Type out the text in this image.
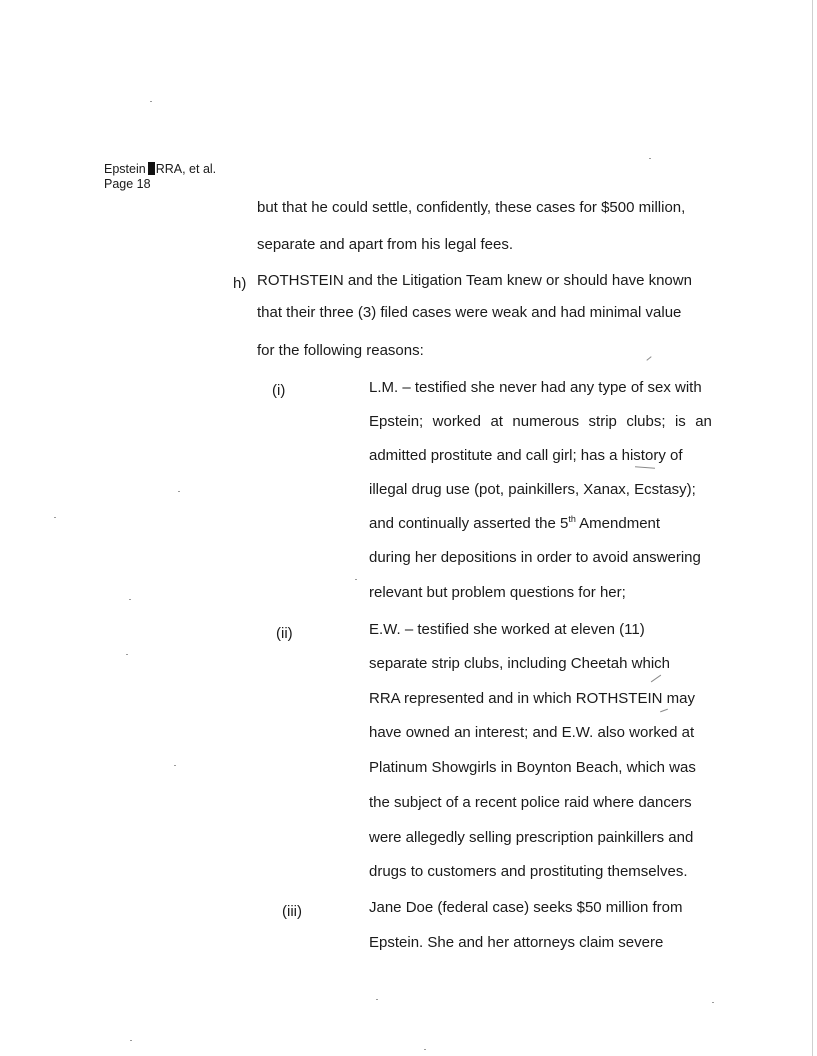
Epstein RRA, et al.
Page 18
but that he could settle, confidently, these cases for $500 million,
separate and apart from his legal fees.
h) ROTHSTEIN and the Litigation Team knew or should have known
that their three (3) filed cases were weak and had minimal value
for the following reasons:
(i)	L.M. – testified she never had any type of sex with
Epstein; worked at numerous strip clubs; is an
admitted prostitute and call girl; has a history of
illegal drug use (pot, painkillers, Xanax, Ecstasy);
and continually asserted the 5th Amendment
during her depositions in order to avoid answering
relevant but problem questions for her;
(ii)	E.W. – testified she worked at eleven (11)
separate strip clubs, including Cheetah which
RRA represented and in which ROTHSTEIN may
have owned an interest; and E.W. also worked at
Platinum Showgirls in Boynton Beach, which was
the subject of a recent police raid where dancers
were allegedly selling prescription painkillers and
drugs to customers and prostituting themselves.
(iii)	Jane Doe (federal case) seeks $50 million from
Epstein. She and her attorneys claim severe
